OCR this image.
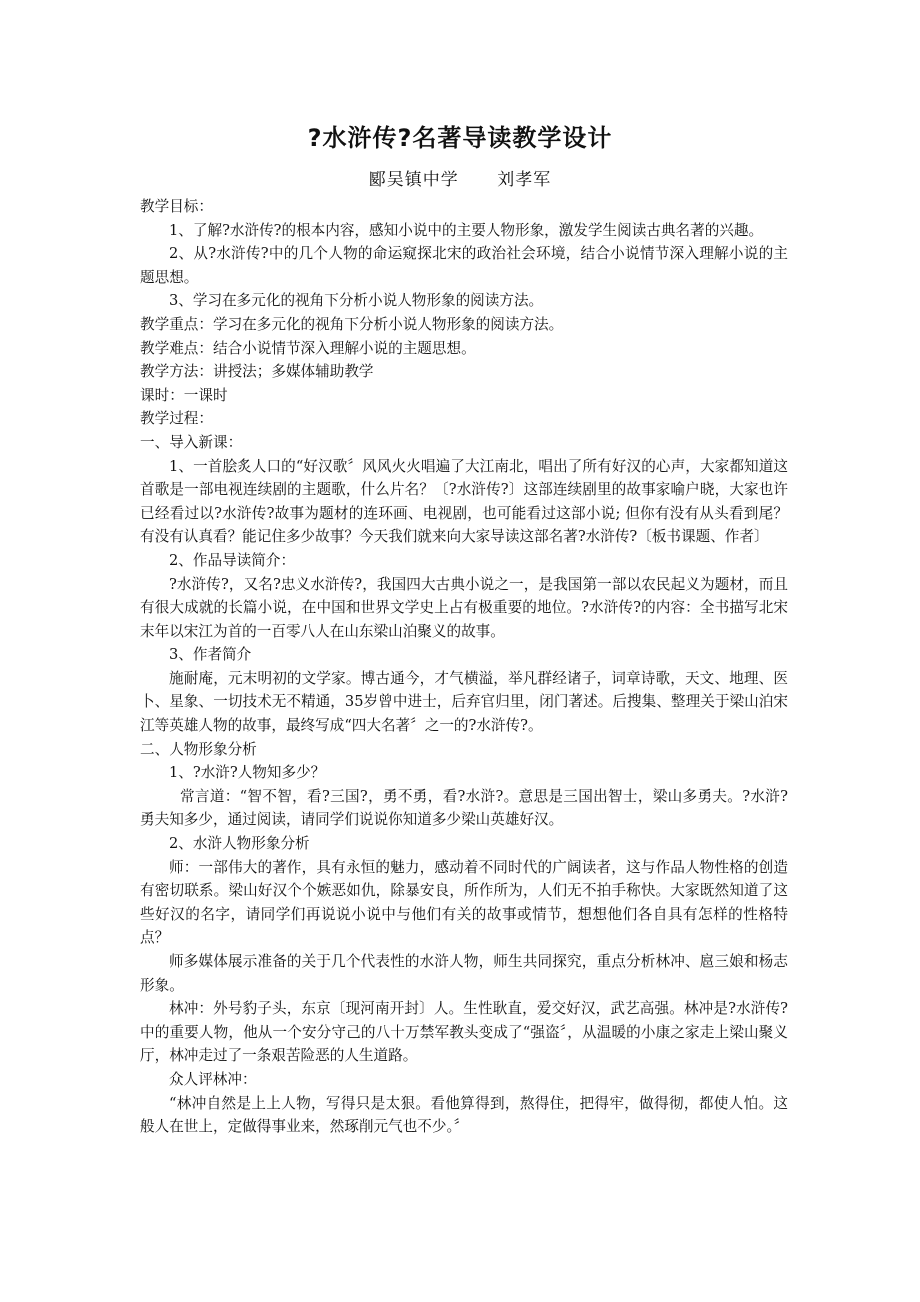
?水浒传?名著导读教学设计
郾吴镇中学 刘孝军

教学目标：

1、了解?水浒传?的根本内容，感知小说中的主要人物形象，激发学生阅读古典名著的兴趣。

2、从?水浒传?中的几个人物的命运窥探北宋的政治社会环境，结合小说情节深入理解小说的主题思想。

3、学习在多元化的视角下分析小说人物形象的阅读方法。

教学重点：学习在多元化的视角下分析小说人物形象的阅读方法。

教学难点：结合小说情节深入理解小说的主题思想。

教学方法：讲授法；多媒体辅助教学

课时：一课时

教学过程：

一、导入新课：

1、一首脍炙人口的“好汉歌〞风风火火唱遍了大江南北，唱出了所有好汉的心声，大家都知道这首歌是一部电视连续剧的主题歌，什么片名？〔?水浒传?〕这部连续剧里的故事家喻户晓，大家也许已经看过以?水浒传?故事为题材的连环画、电视剧，也可能看过这部小说; 但你有没有从头看到尾？有没有认真看？能记住多少故事？今天我们就来向大家导读这部名著?水浒传?〔板书课题、作者〕

2、作品导读简介：

?水浒传?，又名?忠义水浒传?，我国四大古典小说之一，是我国第一部以农民起义为题材，而且有很大成就的长篇小说，在中国和世界文学史上占有极重要的地位。?水浒传?的内容：全书描写北宋末年以宋江为首的一百零八人在山东梁山泊聚义的故事。

3、作者简介

施耐庵，元末明初的文学家。博古通今，才气横溢，举凡群经诸子，词章诗歌，天文、地理、医卜、星象、一切技术无不精通，35岁曾中进士，后弃官归里，闭门著述。后搜集、整理关于梁山泊宋江等英雄人物的故事，最终写成“四大名著〞之一的?水浒传?。

二、人物形象分析

1、?水浒?人物知多少？

常言道：“智不智，看?三国?，勇不勇，看?水浒?。意思是三国出智士，梁山多勇夫。?水浒?勇夫知多少，通过阅读，请同学们说说你知道多少梁山英雄好汉。

2、水浒人物形象分析

师：一部伟大的著作，具有永恒的魅力，感动着不同时代的广阔读者，这与作品人物性格的创造有密切联系。梁山好汉个个嫉恶如仇，除暴安良，所作所为，人们无不拍手称快。大家既然知道了这些好汉的名字，请同学们再说说小说中与他们有关的故事或情节，想想他们各自具有怎样的性格特点？

师多媒体展示准备的关于几个代表性的水浒人物，师生共同探究，重点分析林冲、扈三娘和杨志形象。

林冲：外号豹子头，东京〔现河南开封〕人。生性耿直，爱交好汉，武艺高强。林冲是?水浒传?中的重要人物，他从一个安分守己的八十万禁军教头变成了“强盗〞，从温暖的小康之家走上梁山聚义厅，林冲走过了一条艰苦险恶的人生道路。

众人评林冲：

“林冲自然是上上人物，写得只是太狠。看他算得到，熬得住，把得牢，做得彻，都使人怕。这般人在世上，定做得事业来，然琢削元气也不少。〞
